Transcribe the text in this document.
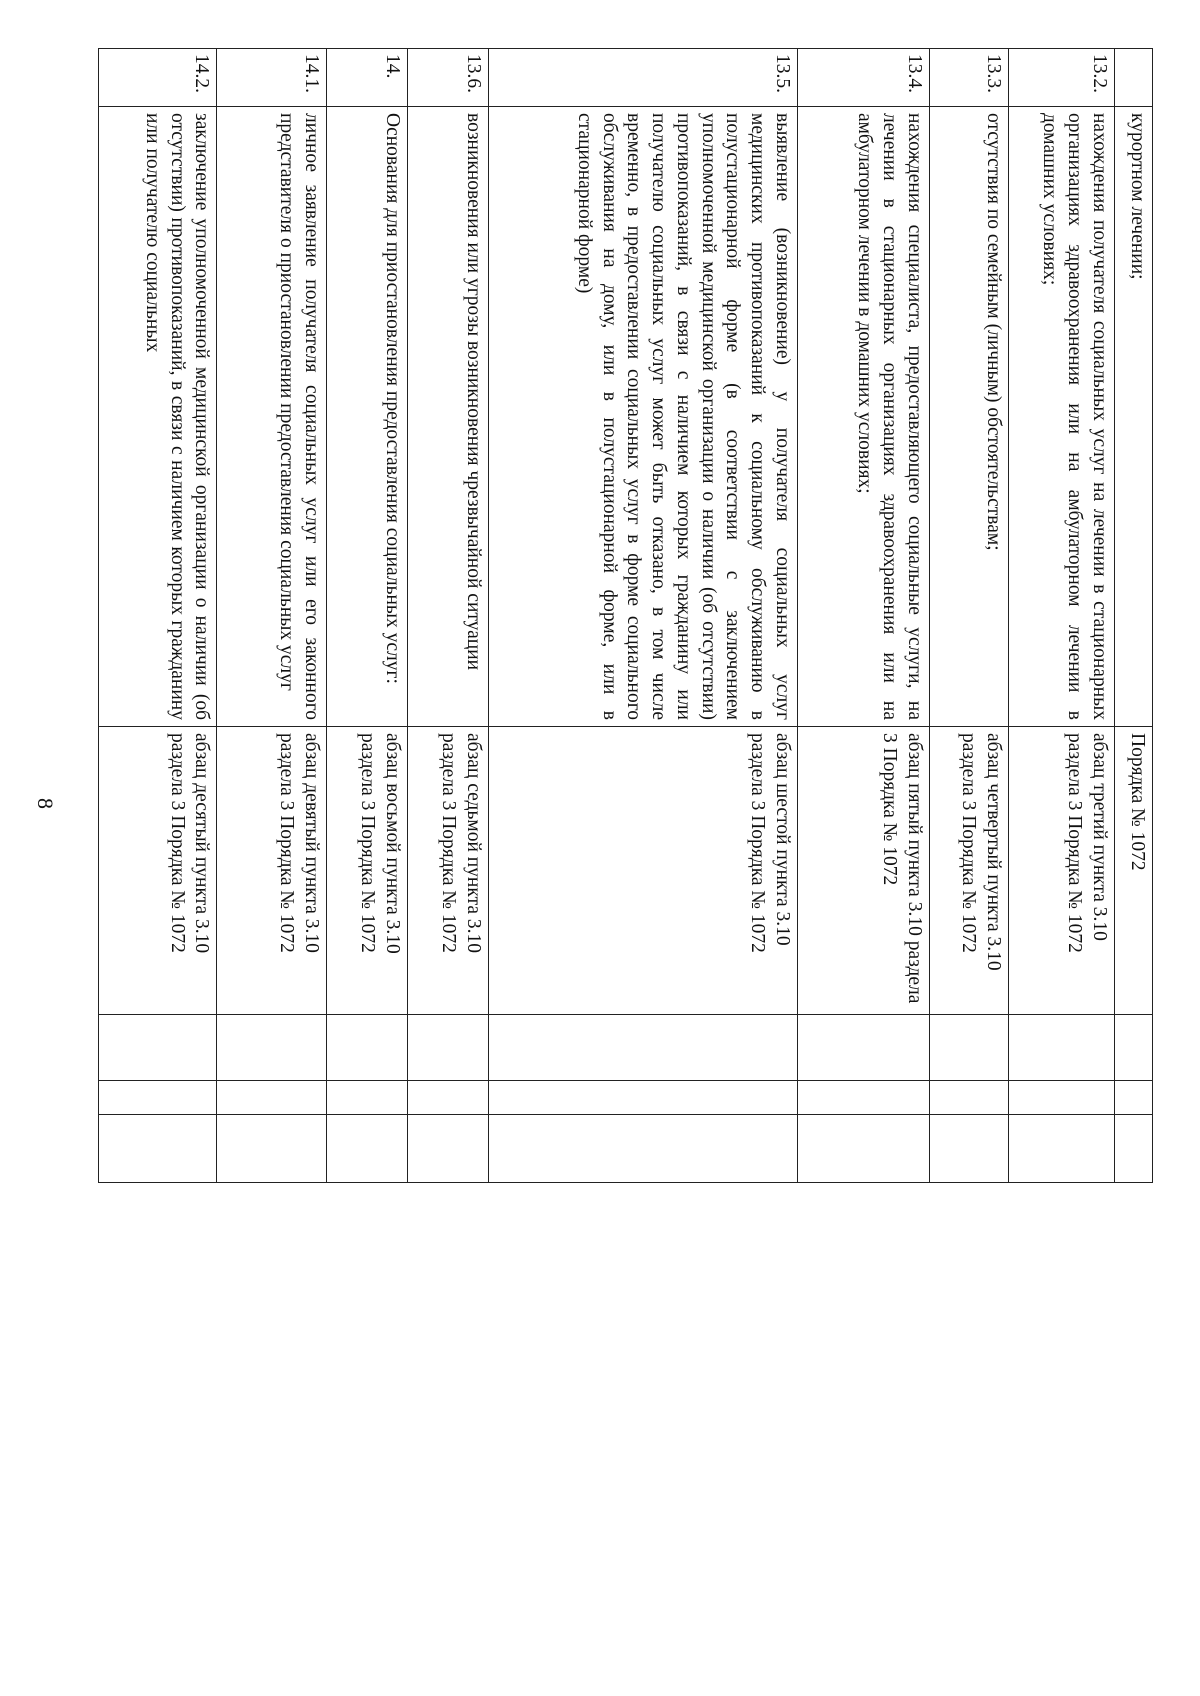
8
	курортном лечении;	Порядка № 1072			
13.2.	нахождения получателя социальных услуг на лечении в стационарных организациях здравоохранения или на амбулаторном лечении в домашних условиях;	абзац третий пункта 3.10 раздела 3 Порядка № 1072			
13.3.	отсутствия по семейным (личным) обстоятельствам;	абзац четвертый пункта 3.10 раздела 3 Порядка № 1072			
13.4.	нахождения специалиста, предоставляющего социальные услуги, на лечении в стационарных организациях здравоохранения или на амбулаторном лечении в домашних условиях;	абзац пятый пункта 3.10 раздела 3 Порядка № 1072			
13.5.	выявление (возникновение) у получателя социальных услуг медицинских противопоказаний к социальному обслуживанию в полустационарной форме (в соответствии с заключением уполномоченной медицинской организации о наличии (об отсутствии) противопоказаний, в связи с наличием которых гражданину или получателю социальных услуг может быть отказано, в том числе временно, в предоставлении социальных услуг в форме социального обслуживания на дому, или в полустационарной форме, или в стационарной форме)	абзац шестой пункта 3.10 раздела 3 Порядка № 1072			
13.6.	возникновения или угрозы возникновения чрезвычайной ситуации	абзац седьмой пункта 3.10 раздела 3 Порядка № 1072			
14.	Основания для приостановления предоставления социальных услуг:	абзац восьмой пункта 3.10 раздела 3 Порядка № 1072			
14.1.	личное заявление получателя социальных услуг или его законного представителя о приостановлении предоставления социальных услуг	абзац девятый пункта 3.10 раздела 3 Порядка № 1072			
14.2.	заключение уполномоченной медицинской организации о наличии (об отсутствии) противопоказаний, в связи с наличием которых гражданину или получателю социальных	абзац десятый пункта 3.10 раздела 3 Порядка № 1072			
